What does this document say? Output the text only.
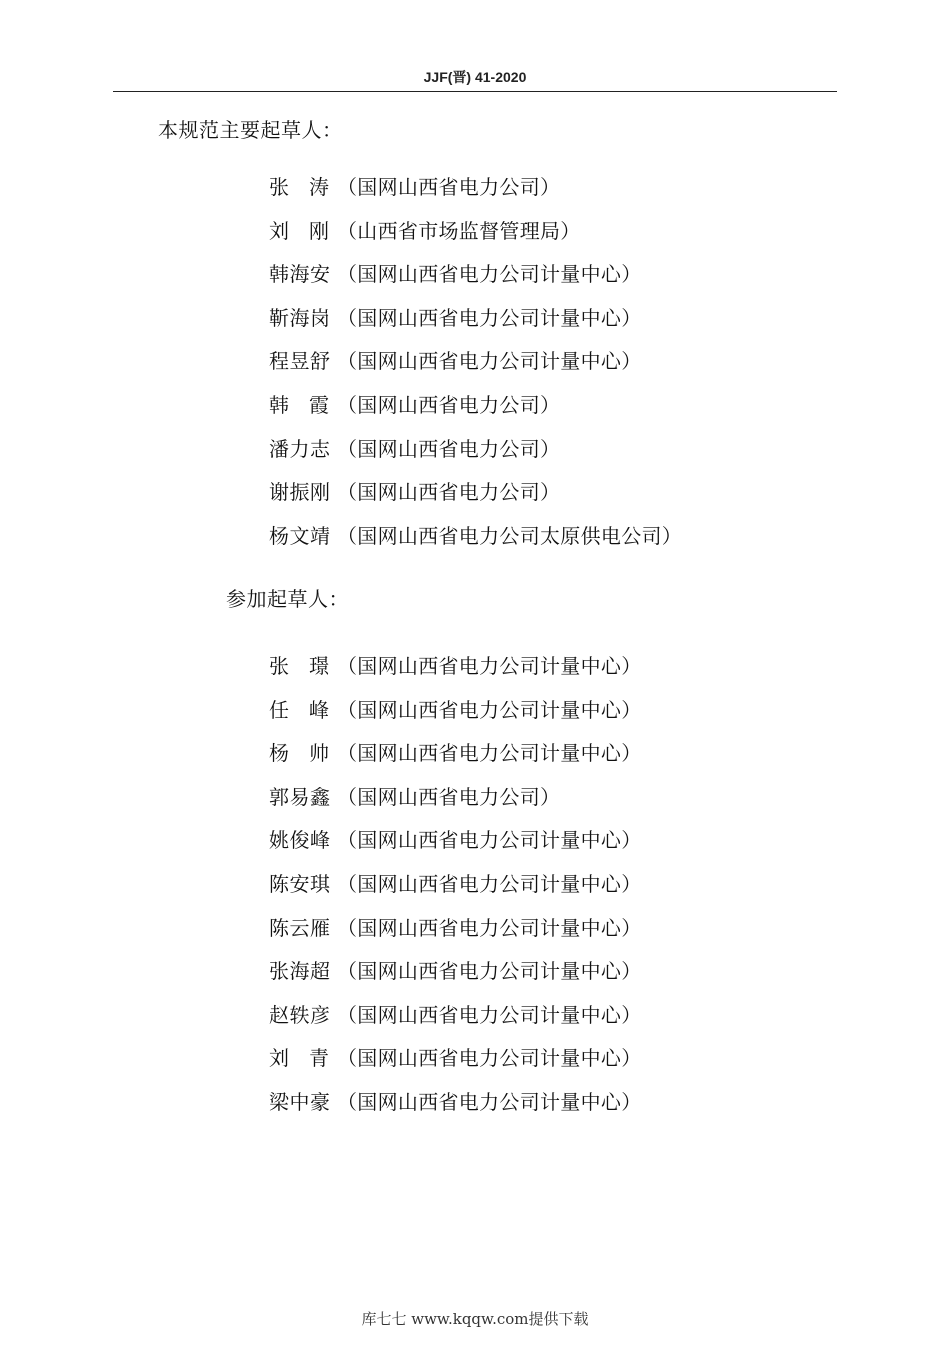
JJF(晋) 41-2020
本规范主要起草人：
张　涛 （国网山西省电力公司）
刘　刚 （山西省市场监督管理局）
韩海安 （国网山西省电力公司计量中心）
靳海岗 （国网山西省电力公司计量中心）
程昱舒 （国网山西省电力公司计量中心）
韩　霞 （国网山西省电力公司）
潘力志 （国网山西省电力公司）
谢振刚 （国网山西省电力公司）
杨文靖 （国网山西省电力公司太原供电公司）
参加起草人：
张　璟 （国网山西省电力公司计量中心）
任　峰 （国网山西省电力公司计量中心）
杨　帅 （国网山西省电力公司计量中心）
郭易鑫 （国网山西省电力公司）
姚俊峰 （国网山西省电力公司计量中心）
陈安琪 （国网山西省电力公司计量中心）
陈云雁 （国网山西省电力公司计量中心）
张海超 （国网山西省电力公司计量中心）
赵轶彦 （国网山西省电力公司计量中心）
刘　青 （国网山西省电力公司计量中心）
梁中豪 （国网山西省电力公司计量中心）
库七七 www.kqqw.com提供下载
